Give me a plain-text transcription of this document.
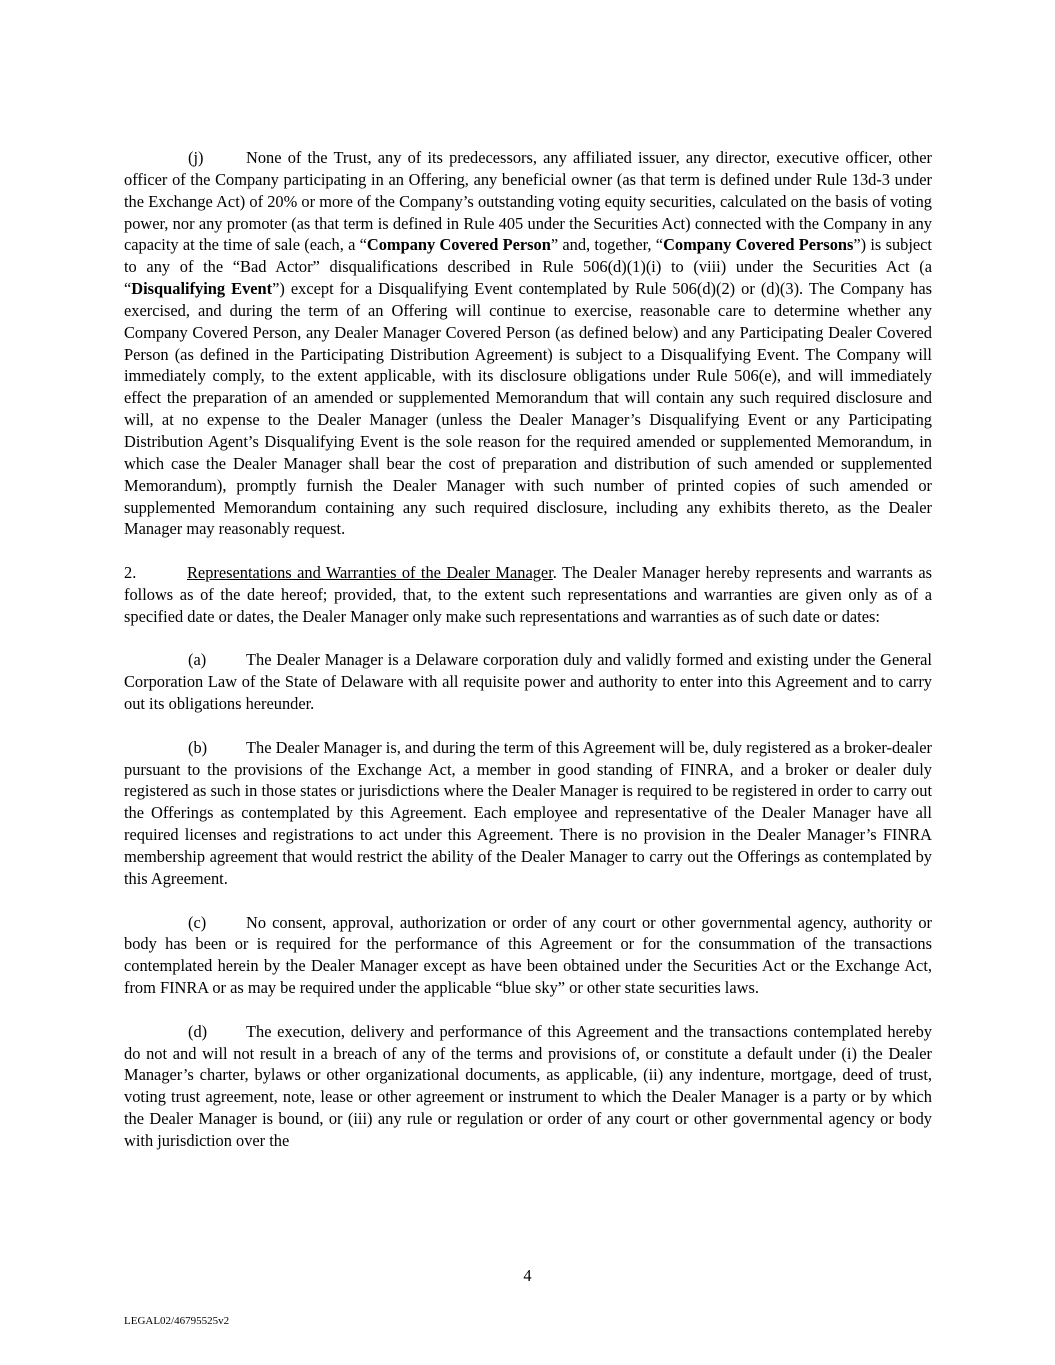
(j)	None of the Trust, any of its predecessors, any affiliated issuer, any director, executive officer, other officer of the Company participating in an Offering, any beneficial owner (as that term is defined under Rule 13d-3 under the Exchange Act) of 20% or more of the Company’s outstanding voting equity securities, calculated on the basis of voting power, nor any promoter (as that term is defined in Rule 405 under the Securities Act) connected with the Company in any capacity at the time of sale (each, a “Company Covered Person” and, together, “Company Covered Persons”) is subject to any of the “Bad Actor” disqualifications described in Rule 506(d)(1)(i) to (viii) under the Securities Act (a “Disqualifying Event”) except for a Disqualifying Event contemplated by Rule 506(d)(2) or (d)(3). The Company has exercised, and during the term of an Offering will continue to exercise, reasonable care to determine whether any Company Covered Person, any Dealer Manager Covered Person (as defined below) and any Participating Dealer Covered Person (as defined in the Participating Distribution Agreement) is subject to a Disqualifying Event. The Company will immediately comply, to the extent applicable, with its disclosure obligations under Rule 506(e), and will immediately effect the preparation of an amended or supplemented Memorandum that will contain any such required disclosure and will, at no expense to the Dealer Manager (unless the Dealer Manager’s Disqualifying Event or any Participating Distribution Agent’s Disqualifying Event is the sole reason for the required amended or supplemented Memorandum, in which case the Dealer Manager shall bear the cost of preparation and distribution of such amended or supplemented Memorandum), promptly furnish the Dealer Manager with such number of printed copies of such amended or supplemented Memorandum containing any such required disclosure, including any exhibits thereto, as the Dealer Manager may reasonably request.

2.	Representations and Warranties of the Dealer Manager. The Dealer Manager hereby represents and warrants as follows as of the date hereof; provided, that, to the extent such representations and warranties are given only as of a specified date or dates, the Dealer Manager only make such representations and warranties as of such date or dates:

(a) The Dealer Manager is a Delaware corporation duly and validly formed and existing under the General Corporation Law of the State of Delaware with all requisite power and authority to enter into this Agreement and to carry out its obligations hereunder.

(b) The Dealer Manager is, and during the term of this Agreement will be, duly registered as a broker-dealer pursuant to the provisions of the Exchange Act, a member in good standing of FINRA, and a broker or dealer duly registered as such in those states or jurisdictions where the Dealer Manager is required to be registered in order to carry out the Offerings as contemplated by this Agreement. Each employee and representative of the Dealer Manager have all required licenses and registrations to act under this Agreement. There is no provision in the Dealer Manager’s FINRA membership agreement that would restrict the ability of the Dealer Manager to carry out the Offerings as contemplated by this Agreement.

(c) No consent, approval, authorization or order of any court or other governmental agency, authority or body has been or is required for the performance of this Agreement or for the consummation of the transactions contemplated herein by the Dealer Manager except as have been obtained under the Securities Act or the Exchange Act, from FINRA or as may be required under the applicable “blue sky” or other state securities laws.

(d) The execution, delivery and performance of this Agreement and the transactions contemplated hereby do not and will not result in a breach of any of the terms and provisions of, or constitute a default under (i) the Dealer Manager’s charter, bylaws or other organizational documents, as applicable, (ii) any indenture, mortgage, deed of trust, voting trust agreement, note, lease or other agreement or instrument to which the Dealer Manager is a party or by which the Dealer Manager is bound, or (iii) any rule or regulation or order of any court or other governmental agency or body with jurisdiction over the

4
LEGAL02/46795525v2
